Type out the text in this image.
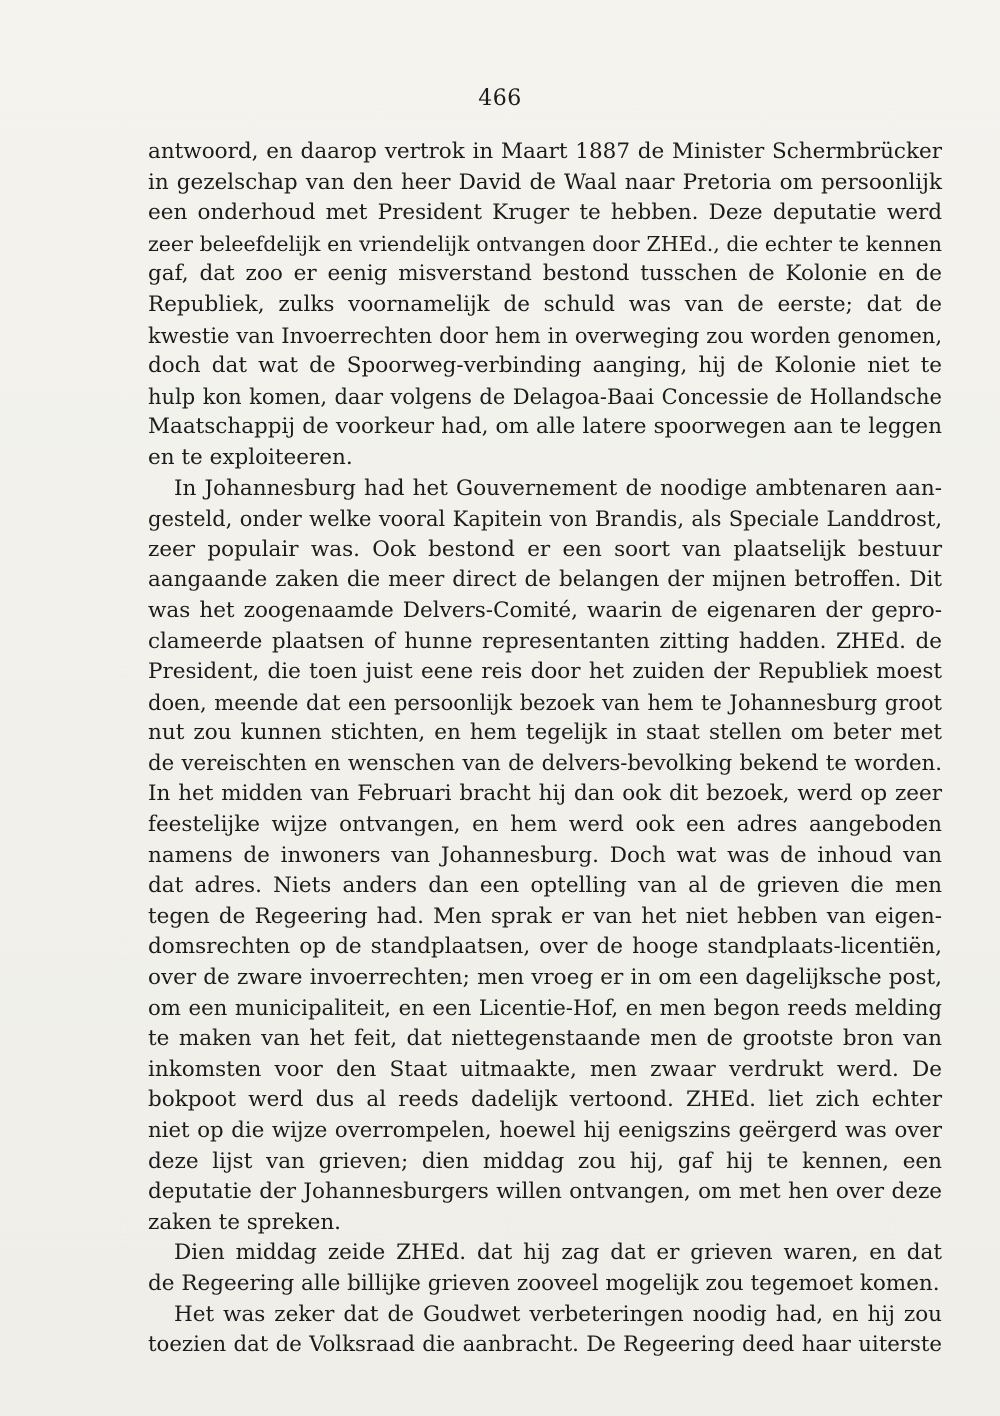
466
antwoord, en daarop vertrok in Maart 1887 de Minister Schermbrücker
in gezelschap van den heer David de Waal naar Pretoria om persoonlijk
een onderhoud met President Kruger te hebben. Deze deputatie werd
zeer beleefdelijk en vriendelijk ontvangen door ZHEd., die echter te kennen
gaf, dat zoo er eenig misverstand bestond tusschen de Kolonie en de
Republiek, zulks voornamelijk de schuld was van de eerste; dat de
kwestie van Invoerrechten door hem in overweging zou worden genomen,
doch dat wat de Spoorweg-verbinding aanging, hij de Kolonie niet te
hulp kon komen, daar volgens de Delagoa-Baai Concessie de Hollandsche
Maatschappij de voorkeur had, om alle latere spoorwegen aan te leggen
en te exploiteeren.
In Johannesburg had het Gouvernement de noodige ambtenaren aan-
gesteld, onder welke vooral Kapitein von Brandis, als Speciale Landdrost,
zeer populair was. Ook bestond er een soort van plaatselijk bestuur
aangaande zaken die meer direct de belangen der mijnen betroffen. Dit
was het zoogenaamde Delvers-Comité, waarin de eigenaren der gepro-
clameerde plaatsen of hunne representanten zitting hadden. ZHEd. de
President, die toen juist eene reis door het zuiden der Republiek moest
doen, meende dat een persoonlijk bezoek van hem te Johannesburg groot
nut zou kunnen stichten, en hem tegelijk in staat stellen om beter met
de vereischten en wenschen van de delvers-bevolking bekend te worden.
In het midden van Februari bracht hij dan ook dit bezoek, werd op zeer
feestelijke wijze ontvangen, en hem werd ook een adres aangeboden
namens de inwoners van Johannesburg. Doch wat was de inhoud van
dat adres. Niets anders dan een optelling van al de grieven die men
tegen de Regeering had. Men sprak er van het niet hebben van eigen-
domsrechten op de standplaatsen, over de hooge standplaats-licentiën,
over de zware invoerrechten; men vroeg er in om een dagelijksche post,
om een municipaliteit, en een Licentie-Hof, en men begon reeds melding
te maken van het feit, dat niettegenstaande men de grootste bron van
inkomsten voor den Staat uitmaakte, men zwaar verdrukt werd. De
bokpoot werd dus al reeds dadelijk vertoond. ZHEd. liet zich echter
niet op die wijze overrompelen, hoewel hij eenigszins geërgerd was over
deze lijst van grieven; dien middag zou hij, gaf hij te kennen, een
deputatie der Johannesburgers willen ontvangen, om met hen over deze
zaken te spreken.
Dien middag zeide ZHEd. dat hij zag dat er grieven waren, en dat
de Regeering alle billijke grieven zooveel mogelijk zou tegemoet komen.
Het was zeker dat de Goudwet verbeteringen noodig had, en hij zou
toezien dat de Volksraad die aanbracht. De Regeering deed haar uiterste
